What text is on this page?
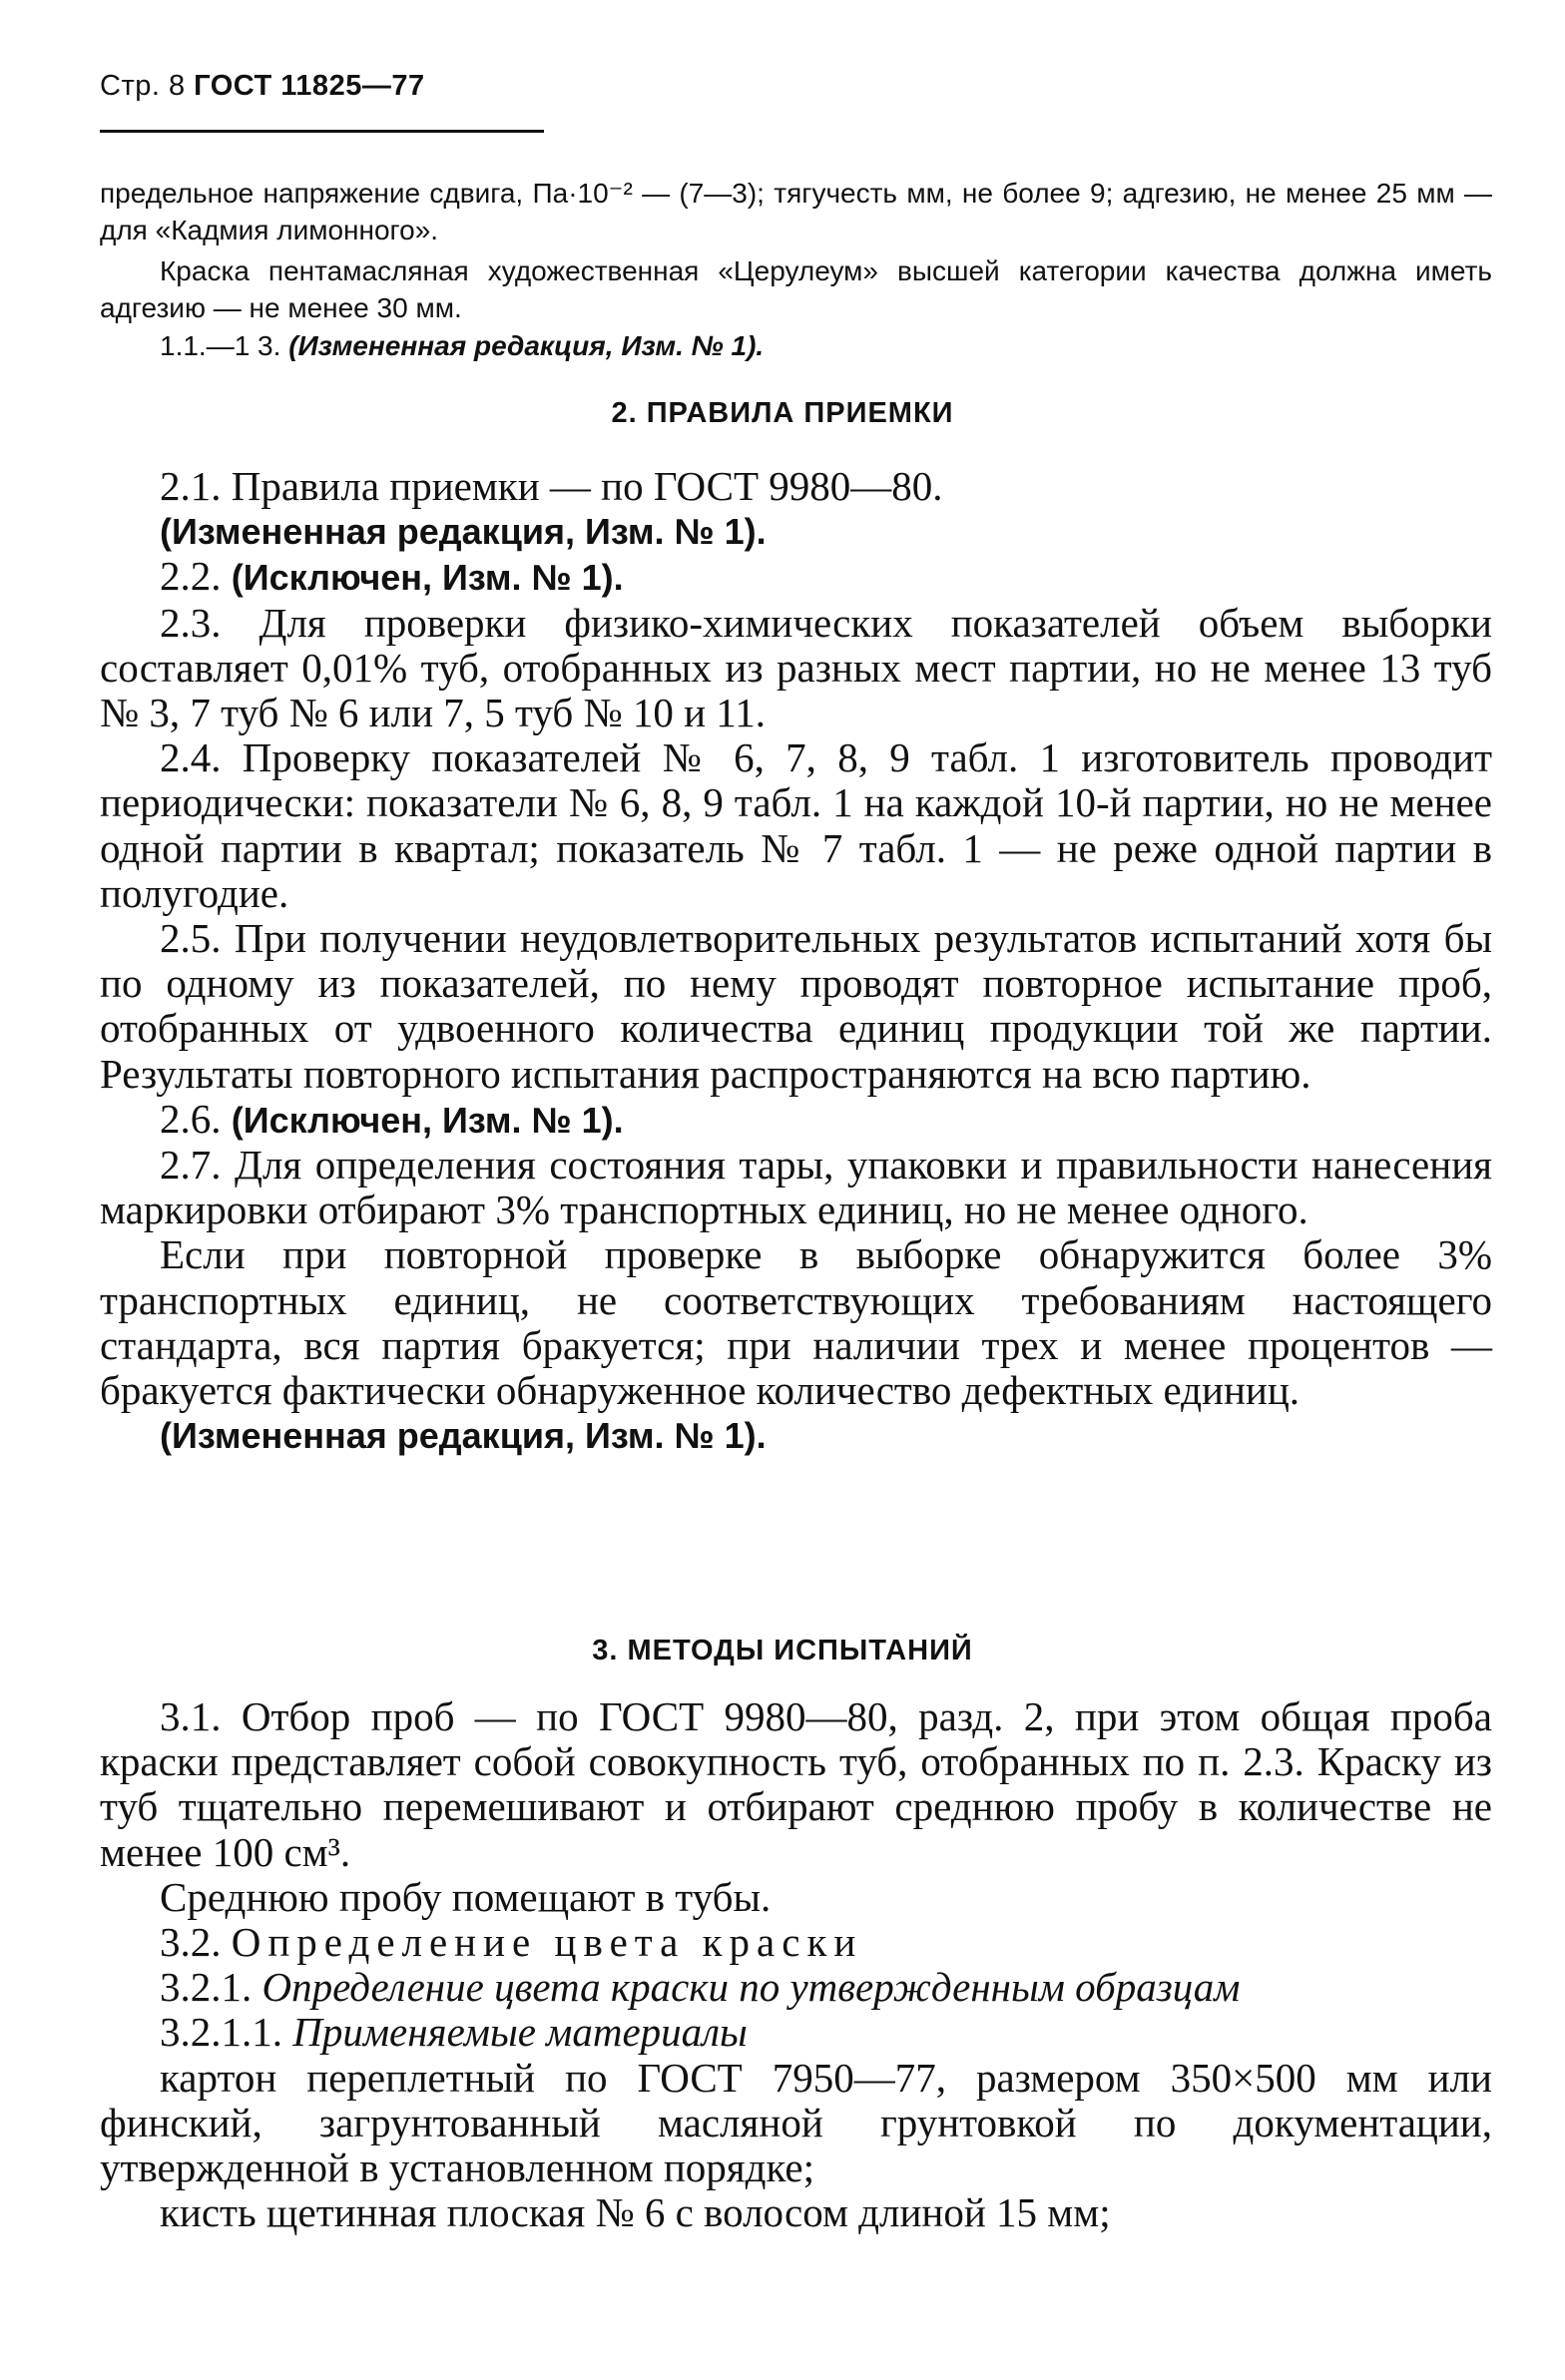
Стр. 8 ГОСТ 11825—77

предельное напряжение сдвига, Па·10⁻² — (7—3); тягучесть мм, не более 9; адгезию, не менее 25 мм — для «Кадмия лимонного».

Краска пентамасляная художественная «Церулеум» высшей категории качества должна иметь адгезию — не менее 30 мм.

1.1.—1 3. (Измененная редакция, Изм. № 1).

2. ПРАВИЛА ПРИЕМКИ
2.1. Правила приемки — по ГОСТ 9980—80.
(Измененная редакция, Изм. № 1).
2.2. (Исключен, Изм. № 1).
2.3. Для проверки физико-химических показателей объем выборки составляет 0,01% туб, отобранных из разных мест партии, но не менее 13 туб № 3, 7 туб № 6 или 7, 5 туб № 10 и 11.
2.4. Проверку показателей № 6, 7, 8, 9 табл. 1 изготовитель проводит периодически: показатели № 6, 8, 9 табл. 1 на каждой 10-й партии, но не менее одной партии в квартал; показатель № 7 табл. 1 — не реже одной партии в полугодие.
2.5. При получении неудовлетворительных результатов испытаний хотя бы по одному из показателей, по нему проводят повторное испытание проб, отобранных от удвоенного количества единиц продукции той же партии. Результаты повторного испытания распространяются на всю партию.
2.6. (Исключен, Изм. № 1).
2.7. Для определения состояния тары, упаковки и правильности нанесения маркировки отбирают 3% транспортных единиц, но не менее одного.
Если при повторной проверке в выборке обнаружится более 3% транспортных единиц, не соответствующих требованиям настоящего стандарта, вся партия бракуется; при наличии трех и менее процентов — бракуется фактически обнаруженное количество дефектных единиц.
(Измененная редакция, Изм. № 1).
3. МЕТОДЫ ИСПЫТАНИЙ
3.1. Отбор проб — по ГОСТ 9980—80, разд. 2, при этом общая проба краски представляет собой совокупность туб, отобранных по п. 2.3. Краску из туб тщательно перемешивают и отбирают среднюю пробу в количестве не менее 100 см³.
Среднюю пробу помещают в тубы.
3.2. Определение цвета краски
3.2.1. Определение цвета краски по утвержденным образцам
3.2.1.1. Применяемые материалы
картон переплетный по ГОСТ 7950—77, размером 350×500 мм или финский, загрунтованный масляной грунтовкой по документации, утвержденной в установленном порядке;
кисть щетинная плоская № 6 с волосом длиной 15 мм;
